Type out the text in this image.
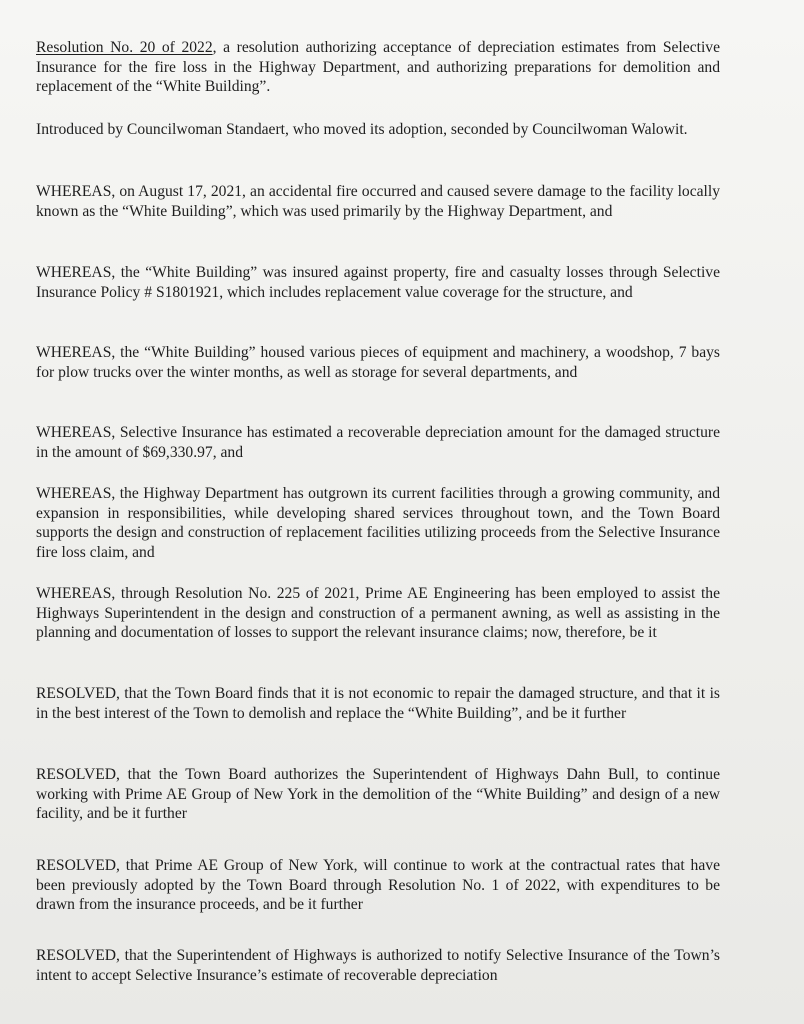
Resolution No. 20 of 2022, a resolution authorizing acceptance of depreciation estimates from Selective Insurance for the fire loss in the Highway Department, and authorizing preparations for demolition and replacement of the “White Building”.

Introduced by Councilwoman Standaert, who moved its adoption, seconded by Councilwoman Walowit.

WHEREAS, on August 17, 2021, an accidental fire occurred and caused severe damage to the facility locally known as the “White Building”, which was used primarily by the Highway Department, and

WHEREAS, the “White Building” was insured against property, fire and casualty losses through Selective Insurance Policy # S1801921, which includes replacement value coverage for the structure, and

WHEREAS, the “White Building” housed various pieces of equipment and machinery, a woodshop, 7 bays for plow trucks over the winter months, as well as storage for several departments, and

WHEREAS, Selective Insurance has estimated a recoverable depreciation amount for the damaged structure in the amount of $69,330.97, and

WHEREAS, the Highway Department has outgrown its current facilities through a growing community, and expansion in responsibilities, while developing shared services throughout town, and the Town Board supports the design and construction of replacement facilities utilizing proceeds from the Selective Insurance fire loss claim, and

WHEREAS, through Resolution No. 225 of 2021, Prime AE Engineering has been employed to assist the Highways Superintendent in the design and construction of a permanent awning, as well as assisting in the planning and documentation of losses to support the relevant insurance claims; now, therefore, be it

RESOLVED, that the Town Board finds that it is not economic to repair the damaged structure, and that it is in the best interest of the Town to demolish and replace the “White Building”, and be it further

RESOLVED, that the Town Board authorizes the Superintendent of Highways Dahn Bull, to continue working with Prime AE Group of New York in the demolition of the “White Building” and design of a new facility, and be it further

RESOLVED, that Prime AE Group of New York, will continue to work at the contractual rates that have been previously adopted by the Town Board through Resolution No. 1 of 2022, with expenditures to be drawn from the insurance proceeds, and be it further

RESOLVED, that the Superintendent of Highways is authorized to notify Selective Insurance of the Town’s intent to accept Selective Insurance’s estimate of recoverable depreciation
